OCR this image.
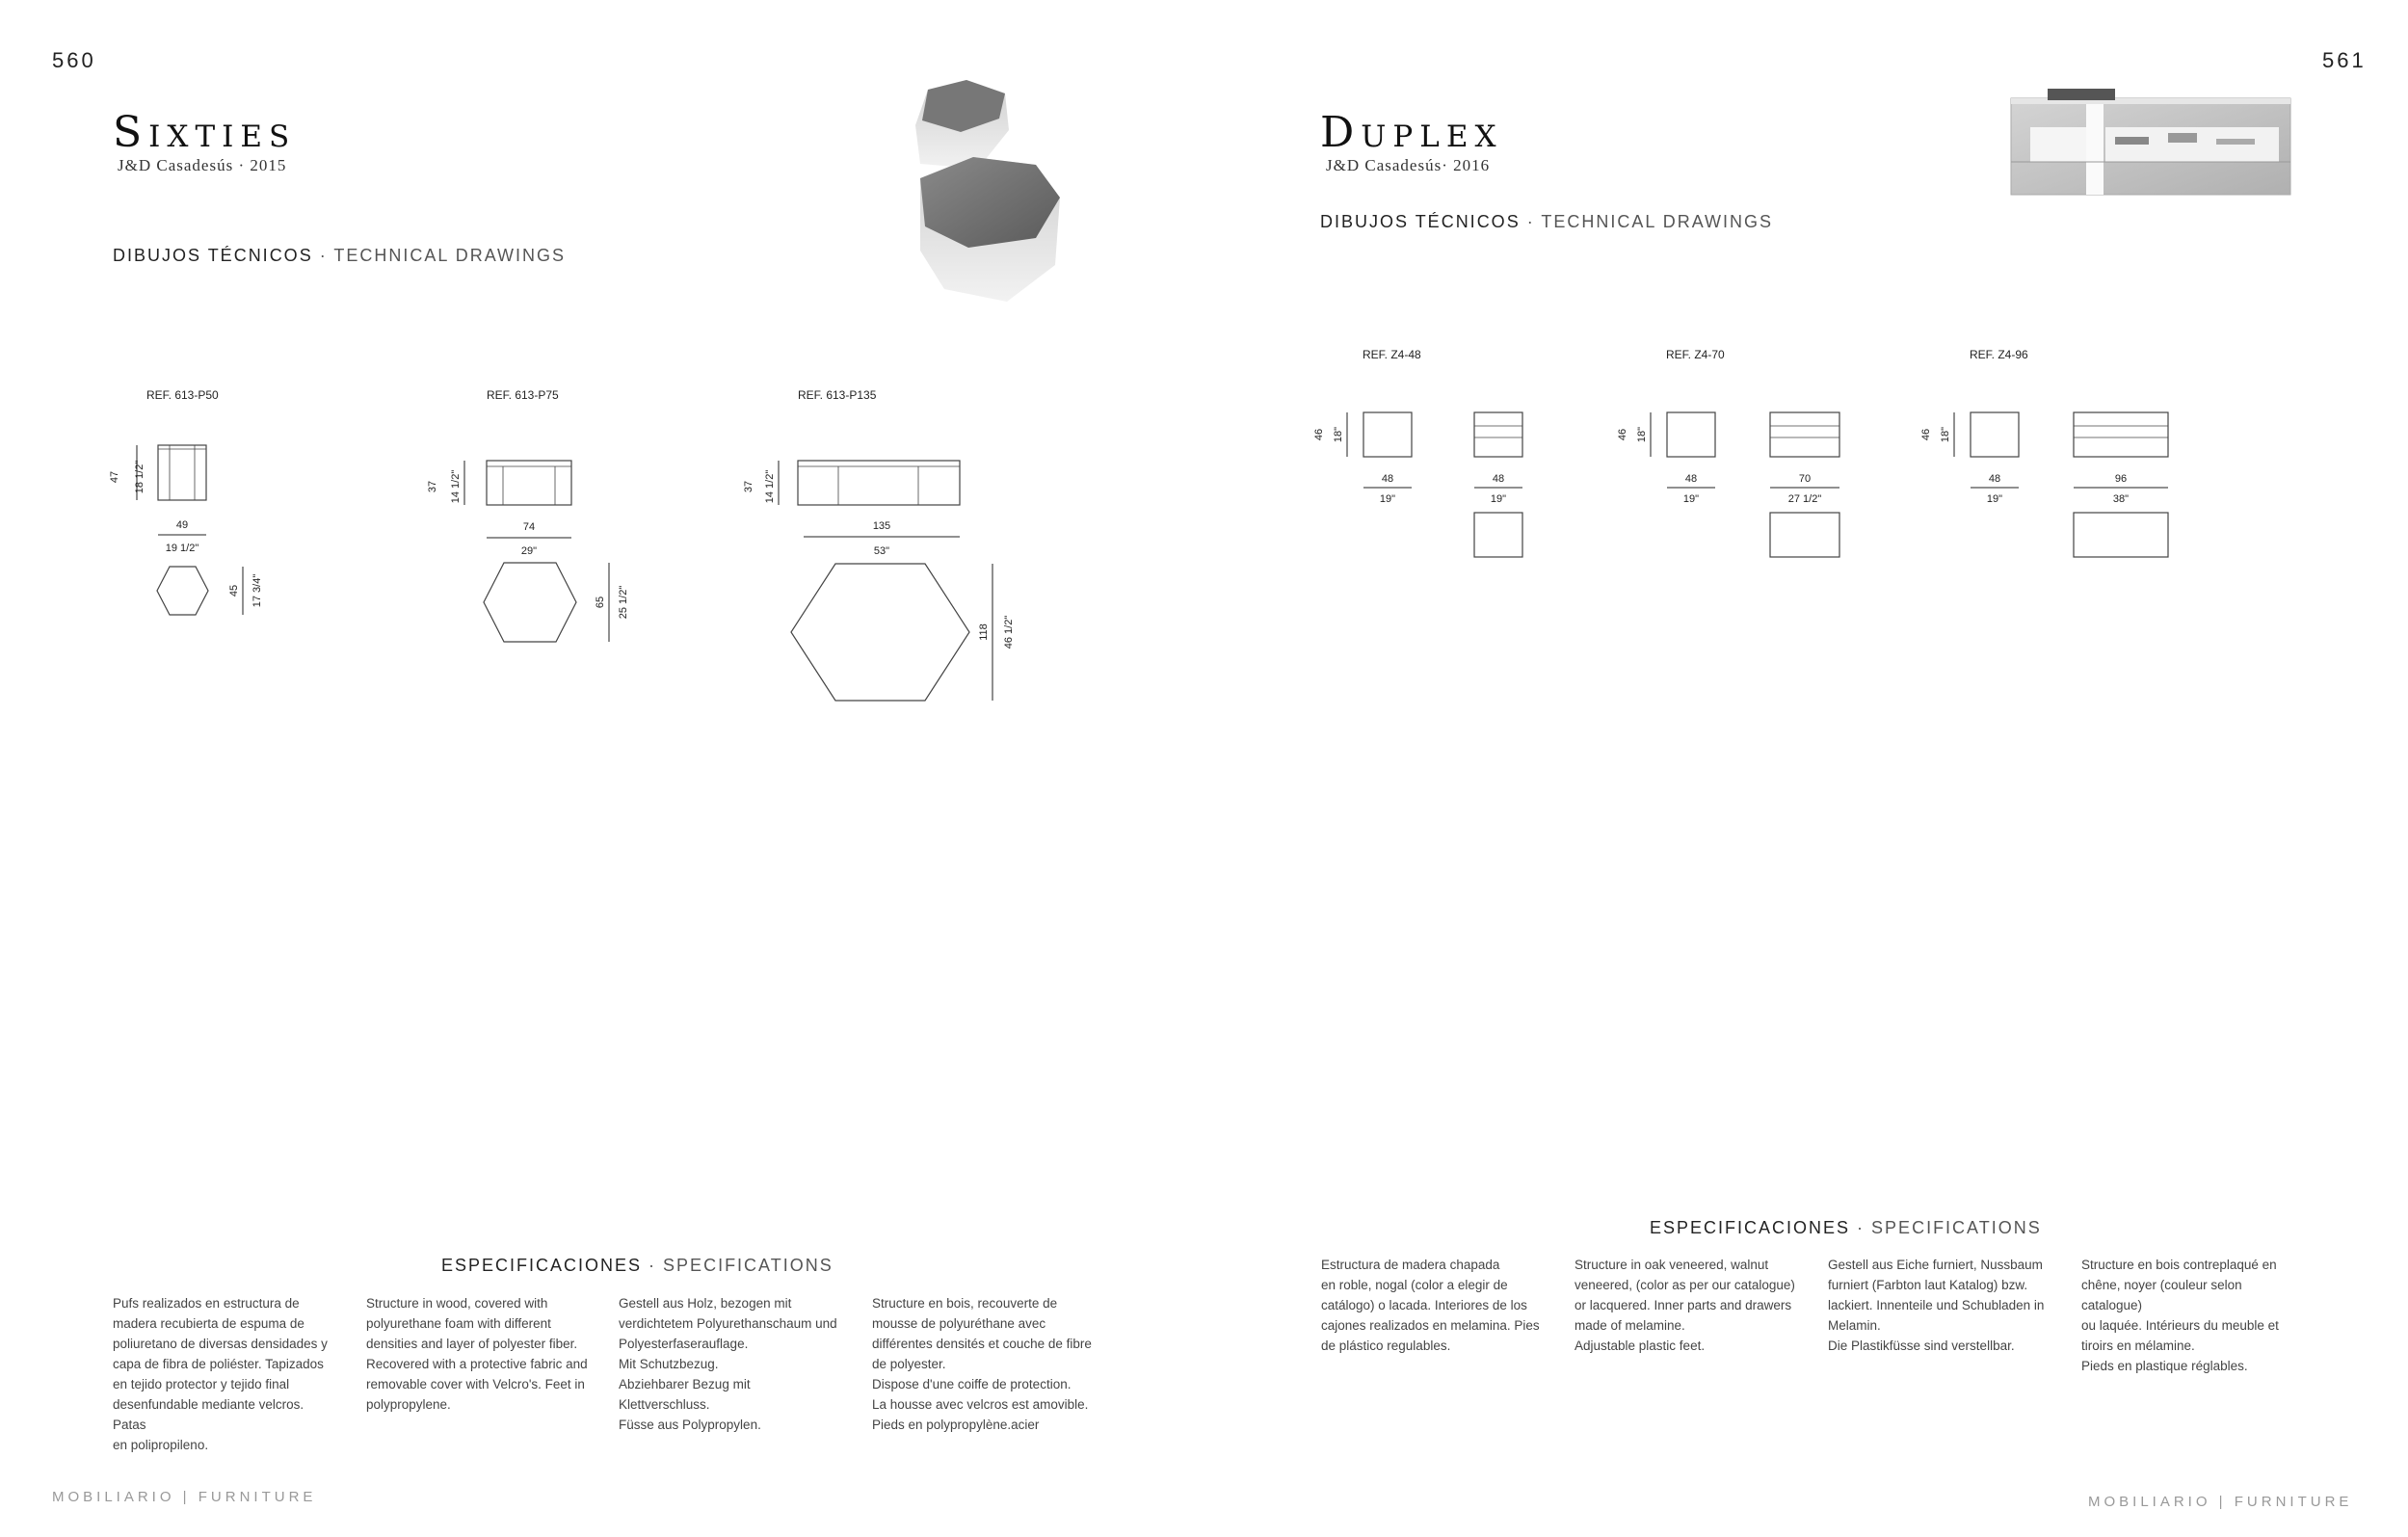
560
Sixties
J&D Casadesús · 2015
DIBUJOS TÉCNICOS · TECHNICAL DRAWINGS
REF. 613-P50
47 18 1/2"
49
19 1/2"
45 17 3/4"
REF. 613-P75
37 14 1/2"
74
29"
65 25 1/2"
REF. 613-P135
37 14 1/2"
135
53"
118 46 1/2"
ESPECIFICACIONES · SPECIFICATIONS
Pufs realizados en estructura de
madera recubierta de espuma de
poliuretano de diversas densidades y
capa de fibra de poliéster. Tapizados
en tejido protector y tejido final
desenfundable mediante velcros. Patas
en polipropileno.
Structure in wood, covered with
polyurethane foam with different
densities and layer of polyester fiber.
Recovered with a protective fabric and
removable cover with Velcro's. Feet in
polypropylene.
Gestell aus Holz, bezogen mit
verdichtetem Polyurethanschaum und
Polyesterfaserauflage.
Mit Schutzbezug.
Abziehbarer Bezug mit Klettverschluss.
Füsse aus Polypropylen.
Structure en bois, recouverte de
mousse de polyuréthane avec
différentes densités et couche de fibre
de polyester.
Dispose d'une coiffe de protection.
La housse avec velcros est amovible.
Pieds en polypropylène.acier
MOBILIARIO | FURNITURE
561
Duplex
J&D Casadesús· 2016
DIBUJOS TÉCNICOS · TECHNICAL DRAWINGS
REF. Z4-48
46 18"
48
19"
48
19"
REF. Z4-70
46 18"
48
19"
70
27 1/2"
REF. Z4-96
46 18"
48
19"
96
38"
ESPECIFICACIONES · SPECIFICATIONS
Estructura de madera chapada
en roble, nogal (color a elegir de
catálogo) o lacada. Interiores de los
cajones realizados en melamina. Pies
de plástico regulables.
Structure in oak veneered, walnut
veneered, (color as per our catalogue)
or lacquered. Inner parts and drawers
made of melamine.
Adjustable plastic feet.
Gestell aus Eiche furniert, Nussbaum
furniert (Farbton laut Katalog) bzw.
lackiert. Innenteile und Schubladen in
Melamin.
Die Plastikfüsse sind verstellbar.
Structure en bois contreplaqué en
chêne, noyer (couleur selon catalogue)
ou laquée. Intérieurs du meuble et
tiroirs en mélamine.
Pieds en plastique réglables.
MOBILIARIO | FURNITURE
